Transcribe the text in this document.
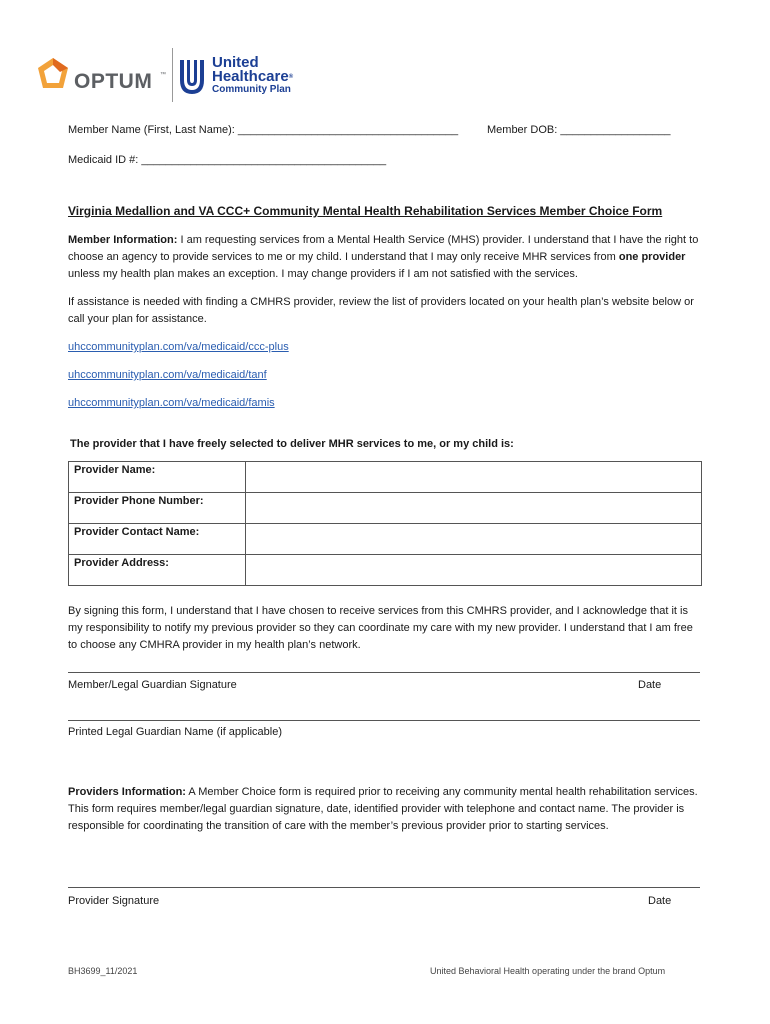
OPTUM ™
United
Healthcare®
Community Plan
Member Name (First, Last Name): ____________________________________	Member DOB: __________________
Medicaid ID #: ________________________________________
Virginia Medallion and VA CCC+ Community Mental Health Rehabilitation Services Member Choice Form

Member Information: I am requesting services from a Mental Health Service (MHS) provider. I understand that I have the right to choose an agency to provide services to me or my child. I understand that I may only receive MHR services from one provider unless my health plan makes an exception. I may change providers if I am not satisfied with the services.

If assistance is needed with finding a CMHRS provider, review the list of providers located on your health plan’s website below or call your plan for assistance.
uhccommunityplan.com/va/medicaid/ccc-plus
uhccommunityplan.com/va/medicaid/tanf
uhccommunityplan.com/va/medicaid/famis
The provider that I have freely selected to deliver MHR services to me, or my child is:
Provider Name:	
Provider Phone Number:	
Provider Contact Name:	
Provider Address:	
By signing this form, I understand that I have chosen to receive services from this CMHRS provider, and I acknowledge that it is my responsibility to notify my previous provider so they can coordinate my care with my new provider. I understand that I am free to choose any CMHRA provider in my health plan’s network.
Member/Legal Guardian Signature	Date
Printed Legal Guardian Name (if applicable)

Providers Information: A Member Choice form is required prior to receiving any community mental health rehabilitation services. This form requires member/legal guardian signature, date, identified provider with telephone and contact name. The provider is responsible for coordinating the transition of care with the member’s previous provider prior to starting services.

Provider Signature	Date
BH3699_11/2021	United Behavioral Health operating under the brand Optum
